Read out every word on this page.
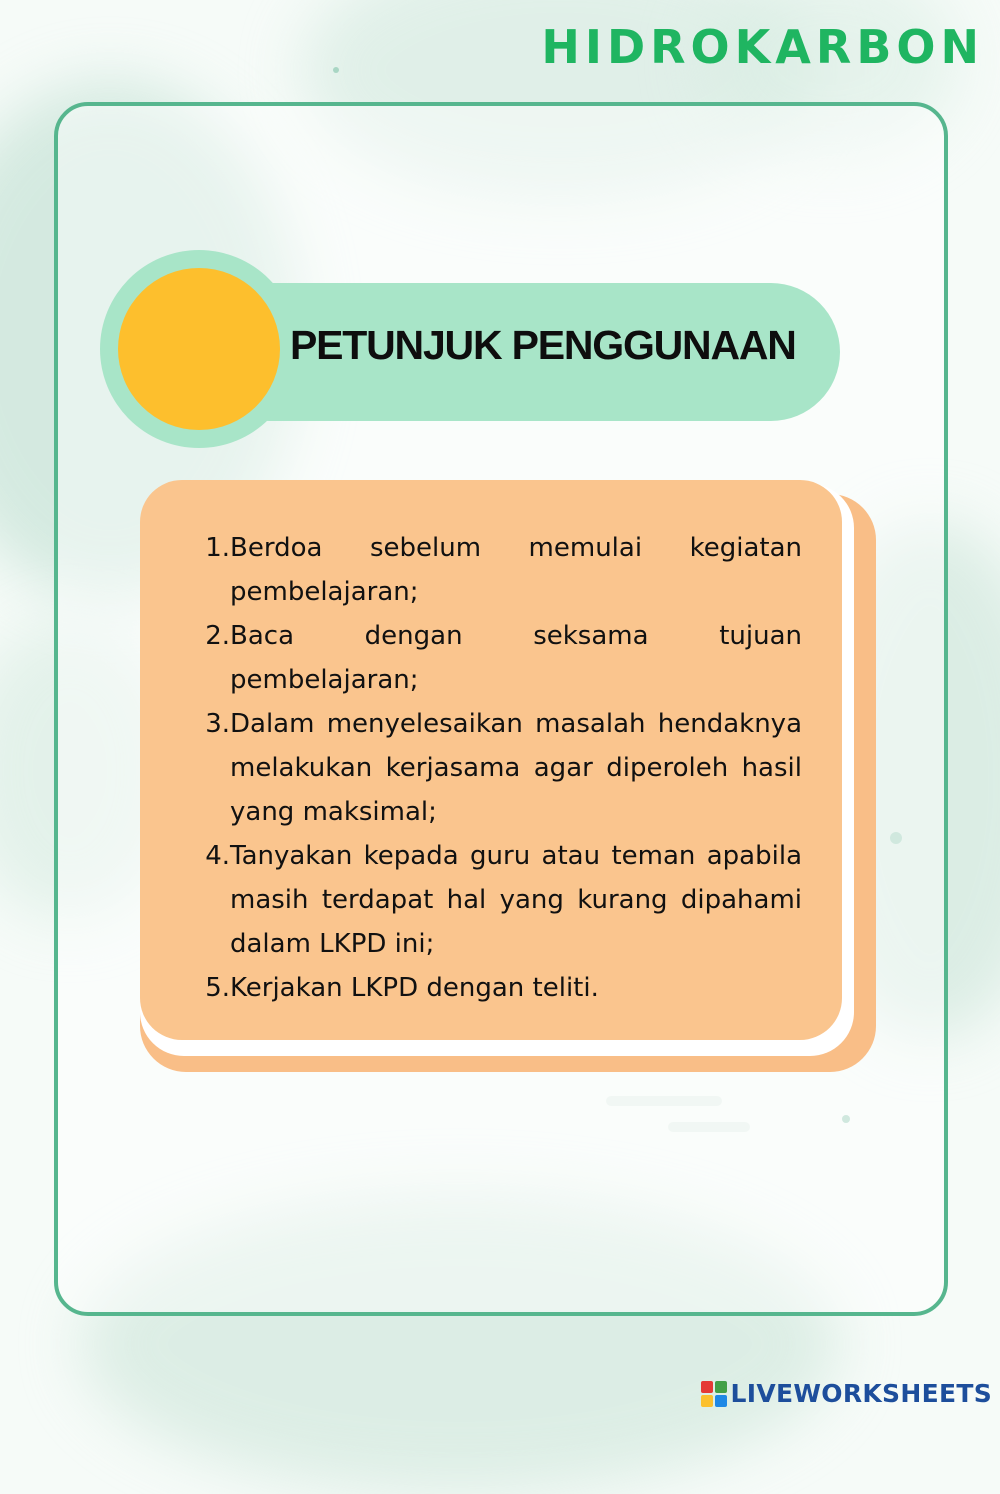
HIDROKARBON
PETUNJUK PENGGUNAAN
1. Berdoa sebelum memulai kegiatan pembelajaran;
2. Baca dengan seksama tujuan pembelajaran;
3. Dalam menyelesaikan masalah hendaknya melakukan kerjasama agar diperoleh hasil yang maksimal;
4. Tanyakan kepada guru atau teman apabila masih terdapat hal yang kurang dipahami dalam LKPD ini;
5. Kerjakan LKPD dengan teliti.
LIVEWORKSHEETS
